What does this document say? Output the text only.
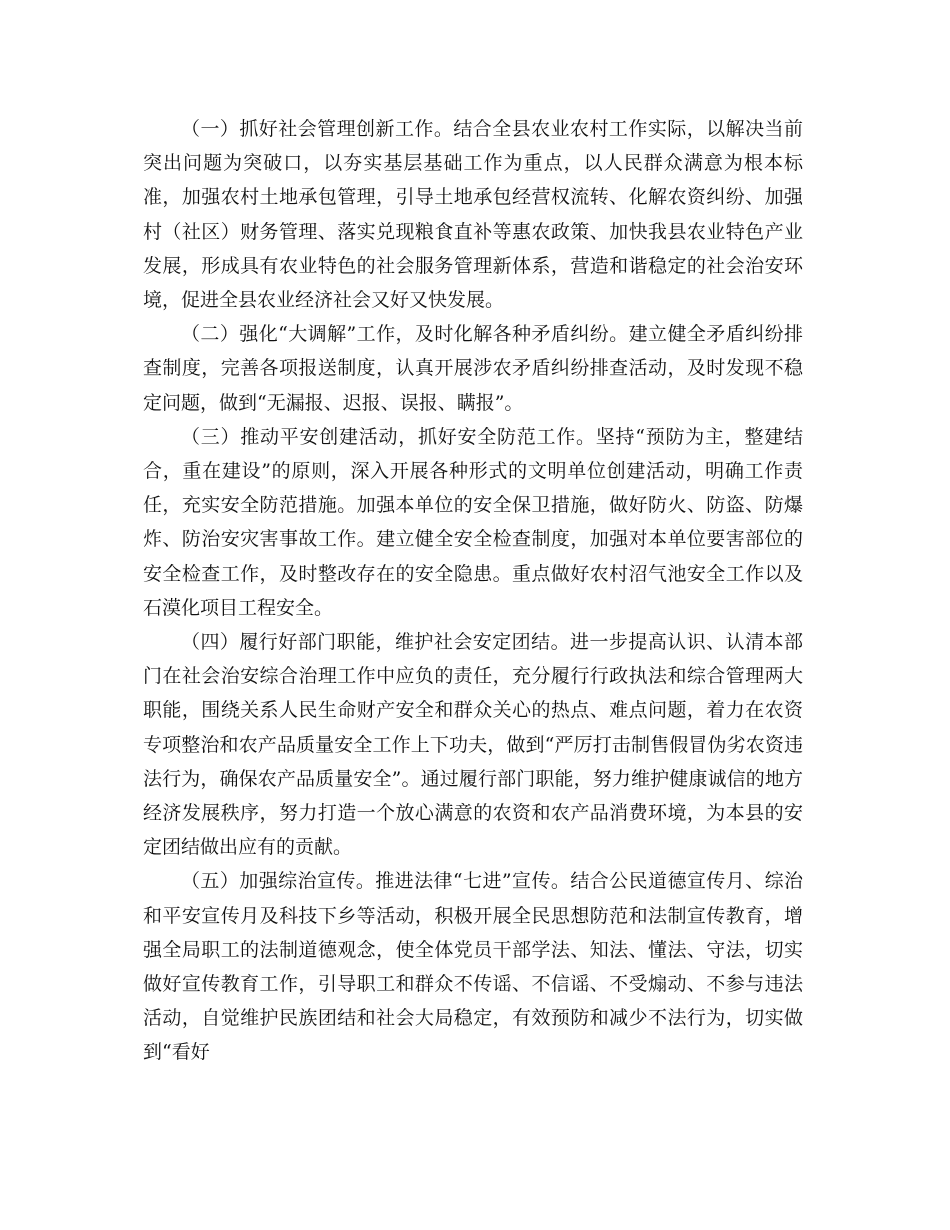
（一）抓好社会管理创新工作。结合全县农业农村工作实际，以解决当前突出问题为突破口，以夯实基层基础工作为重点，以人民群众满意为根本标准，加强农村土地承包管理，引导土地承包经营权流转、化解农资纠纷、加强村（社区）财务管理、落实兑现粮食直补等惠农政策、加快我县农业特色产业发展，形成具有农业特色的社会服务管理新体系，营造和谐稳定的社会治安环境，促进全县农业经济社会又好又快发展。

（二）强化“大调解”工作，及时化解各种矛盾纠纷。建立健全矛盾纠纷排查制度，完善各项报送制度，认真开展涉农矛盾纠纷排查活动，及时发现不稳定问题，做到“无漏报、迟报、误报、瞒报”。

（三）推动平安创建活动，抓好安全防范工作。坚持“预防为主，整建结合，重在建设”的原则，深入开展各种形式的文明单位创建活动，明确工作责任，充实安全防范措施。加强本单位的安全保卫措施，做好防火、防盗、防爆炸、防治安灾害事故工作。建立健全安全检查制度，加强对本单位要害部位的安全检查工作，及时整改存在的安全隐患。重点做好农村沼气池安全工作以及石漠化项目工程安全。

（四）履行好部门职能，维护社会安定团结。进一步提高认识、认清本部门在社会治安综合治理工作中应负的责任，充分履行行政执法和综合管理两大职能，围绕关系人民生命财产安全和群众关心的热点、难点问题，着力在农资专项整治和农产品质量安全工作上下功夫，做到“严厉打击制售假冒伪劣农资违法行为，确保农产品质量安全”。通过履行部门职能，努力维护健康诚信的地方经济发展秩序，努力打造一个放心满意的农资和农产品消费环境，为本县的安定团结做出应有的贡献。

（五）加强综治宣传。推进法律“七进”宣传。结合公民道德宣传月、综治和平安宣传月及科技下乡等活动，积极开展全民思想防范和法制宣传教育，增强全局职工的法制道德观念，使全体党员干部学法、知法、懂法、守法，切实做好宣传教育工作，引导职工和群众不传谣、不信谣、不受煽动、不参与违法活动，自觉维护民族团结和社会大局稳定，有效预防和减少不法行为，切实做到“看好
